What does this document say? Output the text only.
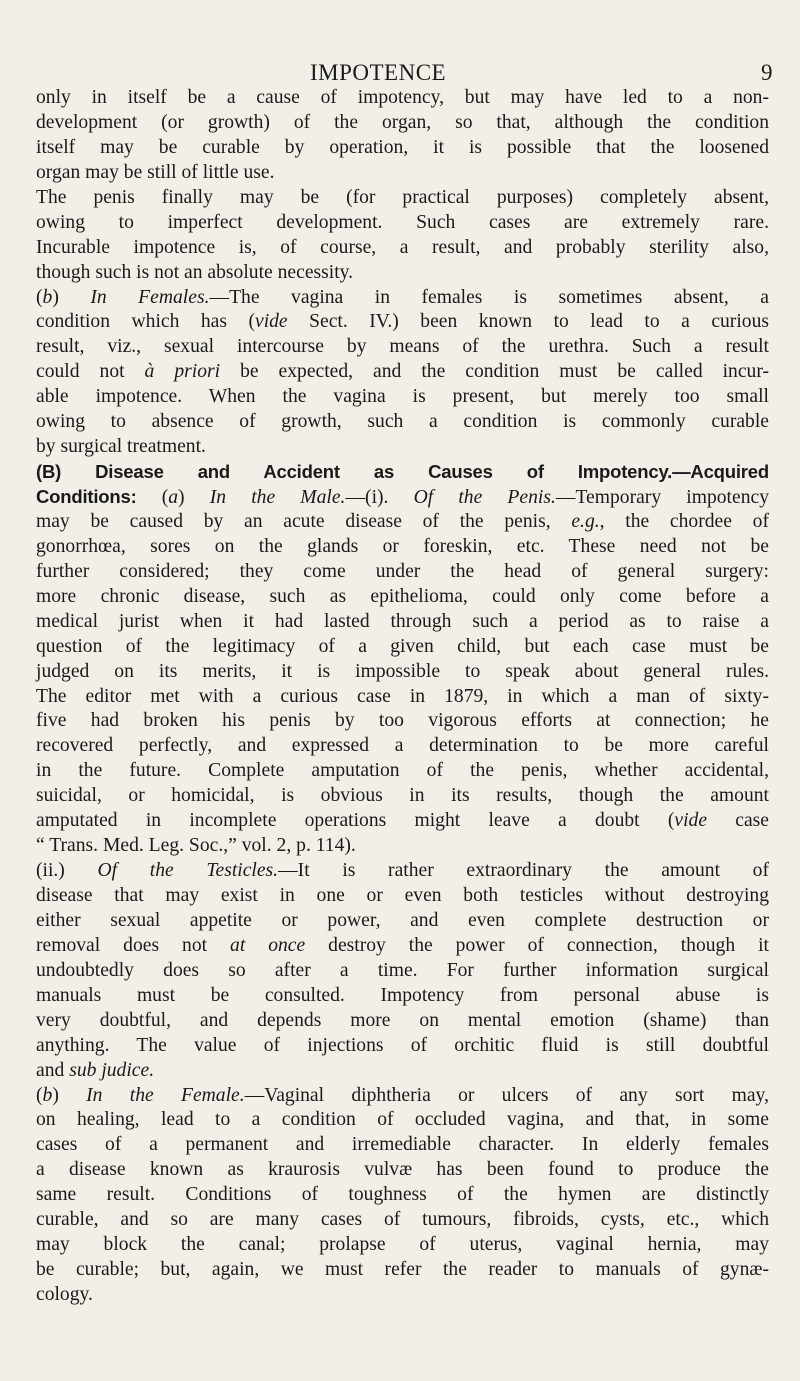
IMPOTENCE	9
only in itself be a cause of impotency, but may have led to a non-
development (or growth) of the organ, so that, although the condition
itself may be curable by operation, it is possible that the loosened
organ may be still of little use.
The penis finally may be (for practical purposes) completely absent,
owing to imperfect development. Such cases are extremely rare.
Incurable impotence is, of course, a result, and probably sterility also,
though such is not an absolute necessity.
(b) In Females.—The vagina in females is sometimes absent, a
condition which has (vide Sect. IV.) been known to lead to a curious
result, viz., sexual intercourse by means of the urethra. Such a result
could not à priori be expected, and the condition must be called incur-
able impotence. When the vagina is present, but merely too small
owing to absence of growth, such a condition is commonly curable
by surgical treatment.
(B) Disease and Accident as Causes of Impotency.—Acquired
Conditions: (a) In the Male.—(i). Of the Penis.—Temporary impotency
may be caused by an acute disease of the penis, e.g., the chordee of
gonorrhœa, sores on the glands or foreskin, etc. These need not be
further considered; they come under the head of general surgery:
more chronic disease, such as epithelioma, could only come before a
medical jurist when it had lasted through such a period as to raise a
question of the legitimacy of a given child, but each case must be
judged on its merits, it is impossible to speak about general rules.
The editor met with a curious case in 1879, in which a man of sixty-
five had broken his penis by too vigorous efforts at connection; he
recovered perfectly, and expressed a determination to be more careful
in the future. Complete amputation of the penis, whether accidental,
suicidal, or homicidal, is obvious in its results, though the amount
amputated in incomplete operations might leave a doubt (vide case
“ Trans. Med. Leg. Soc.,” vol. 2, p. 114).
(ii.) Of the Testicles.—It is rather extraordinary the amount of
disease that may exist in one or even both testicles without destroying
either sexual appetite or power, and even complete destruction or
removal does not at once destroy the power of connection, though it
undoubtedly does so after a time. For further information surgical
manuals must be consulted. Impotency from personal abuse is
very doubtful, and depends more on mental emotion (shame) than
anything. The value of injections of orchitic fluid is still doubtful
and sub judice.
(b) In the Female.—Vaginal diphtheria or ulcers of any sort may,
on healing, lead to a condition of occluded vagina, and that, in some
cases of a permanent and irremediable character. In elderly females
a disease known as kraurosis vulvæ has been found to produce the
same result. Conditions of toughness of the hymen are distinctly
curable, and so are many cases of tumours, fibroids, cysts, etc., which
may block the canal; prolapse of uterus, vaginal hernia, may
be curable; but, again, we must refer the reader to manuals of gynæ-
cology.
